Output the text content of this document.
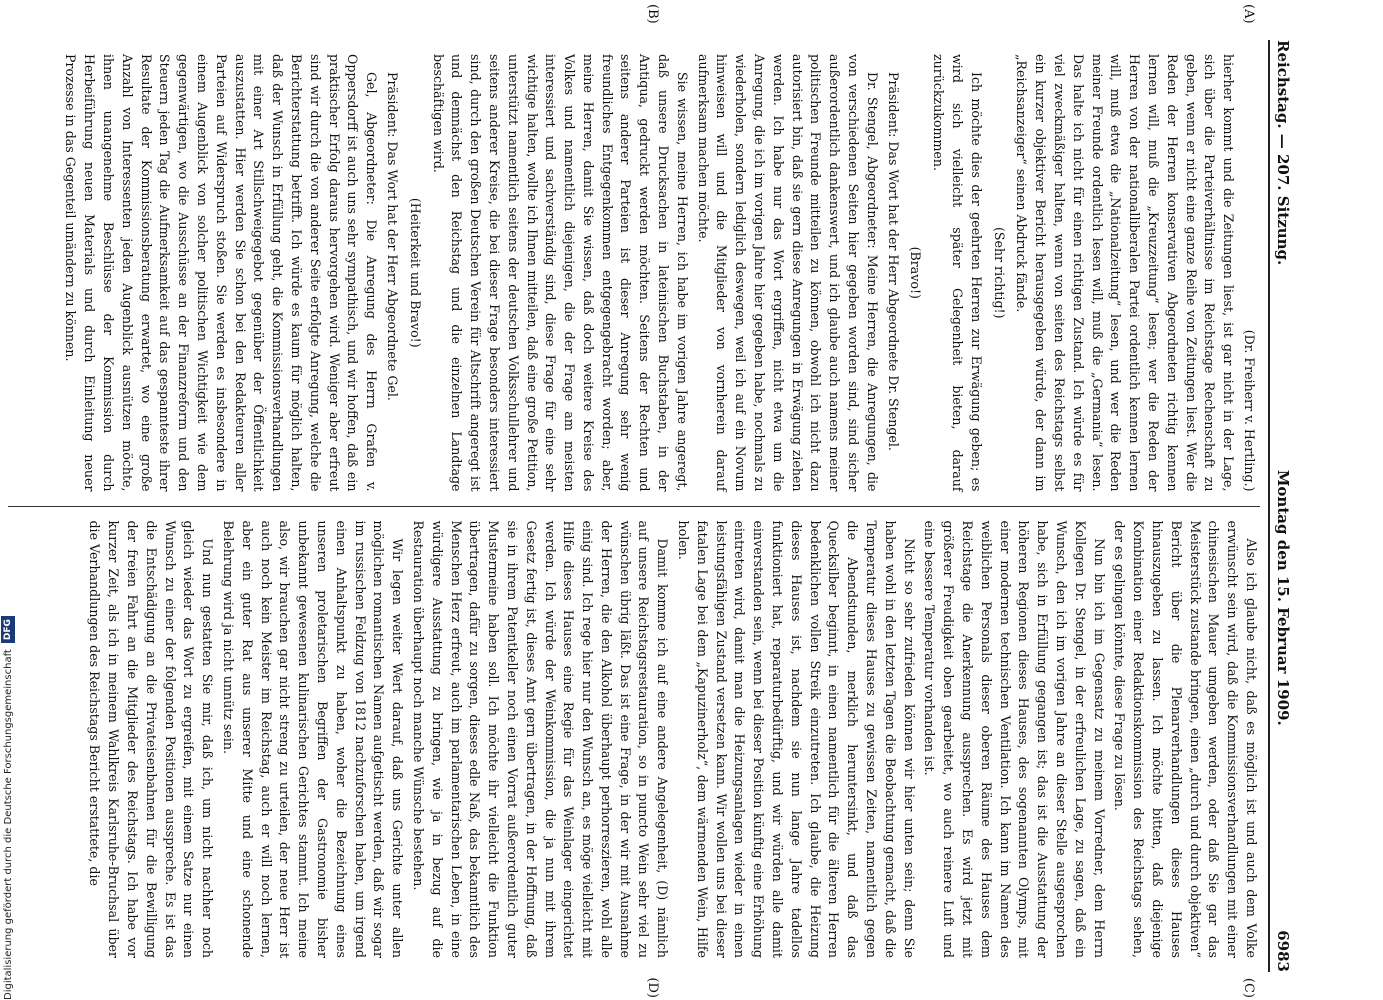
Reichstag. — 207. Sitzung.
Montag den 15. Februar 1909.
6983
(A)
(B)
(C)
(D)

(Dr. Freiherr v. Hertling.)

hierher kommt und die Zeitungen liest, ist gar nicht in der Lage, sich über die Parteiverhältnisse im Reichstage Rechenschaft zu geben, wenn er nicht eine ganze Reihe von Zeitungen liest. Wer die Reden der Herren konservativen Abgeordneten richtig kennen lernen will, muß die „Kreuzzeitung“ lesen; wer die Reden der Herren von der nationalliberalen Partei ordentlich kennen lernen will, muß etwa die „Nationalzeitung“ lesen, und wer die Reden meiner Freunde ordentlich lesen will, muß die „Germania“ lesen. Das halte ich nicht für einen richtigen Zustand. Ich würde es für viel zweckmäßiger halten, wenn von seiten des Reichstags selbst ein kurzer objektiver Bericht herausgegeben würde, der dann im „Reichsanzeiger“ seinen Abdruck fände.

(Sehr richtig!)

Ich möchte dies der geehrten Herren zur Erwägung geben; es wird sich vielleicht später Gelegenheit bieten, darauf zurückzukommen.

(Bravo!)

Präsident: Das Wort hat der Herr Abgeordnete Dr. Stengel.

Dr. Stengel, Abgeordneter: Meine Herren, die Anregungen, die von verschiedenen Seiten hier gegeben worden sind, sind sicher außerordentlich dankenswert, und ich glaube auch namens meiner politischen Freunde mitteilen zu können, obwohl ich nicht dazu autorisiert bin, daß sie gern diese Anregungen in Erwägung ziehen werden. Ich habe nur das Wort ergriffen, nicht etwa um die Anregung, die ich im vorigen Jahre hier gegeben habe, nochmals zu wiederholen, sondern lediglich deswegen, weil ich auf ein Novum hinweisen will und die Mitglieder von vornherein darauf aufmerksam machen möchte.

Sie wissen, meine Herren, ich habe im vorigen Jahre angeregt, daß unsere Drucksachen in lateinischen Buchstaben, in der Antiqua, gedruckt werden möchten. Seitens der Rechten und seitens anderer Parteien ist dieser Anregung sehr wenig freundliches Entgegenkommen entgegengebracht worden; aber, meine Herren, damit Sie wissen, daß doch weitere Kreise des Volkes und namentlich diejenigen, die der Frage am meisten interessiert und sachverständig sind, diese Frage für eine sehr wichtige halten, wollte ich Ihnen mitteilen, daß eine große Petition, unterstützt namentlich seitens der deutschen Volksschullehrer und seitens anderer Kreise, die bei dieser Frage besonders interessiert sind, durch den großen Deutschen Verein für Altschrift angeregt ist und demnächst den Reichstag und die einzelnen Landtage beschäftigen wird.

(Heiterkeit und Bravo!)

Präsident: Das Wort hat der Herr Abgeordnete Gel.

Gel, Abgeordneter: Die Anregung des Herrn Grafen v. Oppersdorff ist auch uns sehr sympathisch, und wir hoffen, daß ein praktischer Erfolg daraus hervorgehen wird. Weniger aber erfreut sind wir durch die von anderer Seite erfolgte Anregung, welche die Berichterstattung betrifft. Ich würde es kaum für möglich halten, daß der Wunsch in Erfüllung geht, die Kommissionsverhandlungen mit einer Art Stillschweigegebot gegenüber der Öffentlichkeit auszustatten. Hier werden Sie schon bei den Redakteuren aller Parteien auf Widerspruch stoßen. Sie werden es insbesondere in einem Augenblick von solcher politischen Wichtigkeit wie dem gegenwärtigen, wo die Ausschüsse an der Finanzreform und den Steuern jeden Tag die Aufmerksamkeit auf das gespannteste ihrer Resultate der Kommissionsberatung erwartet, wo eine große Anzahl von Interessenten jeden Augenblick ausnützen möchte, ihnen unangenehme Beschlüsse der Kommission durch Herbeiführung neuen Materials und durch Einleitung neuer Prozesse in das Gegenteil umändern zu können.

Also ich glaube nicht, daß es möglich ist und auch dem Volke erwünscht sein wird, daß die Kommissionsverhandlungen mit einer chinesischen Mauer umgeben werden, oder daß Sie gar das Meisterstück zustande bringen, einen „durch und durch objektiven“ Bericht über die Plenarverhandlungen dieses Hauses hinauszugeben zu lassen. Ich möchte bitten, daß diejenige Kombination einer Redaktionskommission des Reichstags sehen, der es gelingen könnte, diese Frage zu lösen.

Nun bin ich im Gegensatz zu meinem Vorredner, dem Herrn Kollegen Dr. Stengel, in der erfreulichen Lage, zu sagen, daß ein Wunsch, den ich im vorigen Jahre an dieser Stelle ausgesprochen habe, sich in Erfüllung gegangen ist; das ist die Ausstattung der höheren Regionen dieses Hauses, des sogenannten Olymps, mit einer modernen technischen Ventilation. Ich kann im Namen des weiblichen Personals dieser oberen Räume des Hauses dem Reichstage die Anerkennung aussprechen. Es wird jetzt mit größerer Freudigkeit oben gearbeitet, wo auch reinere Luft und eine bessere Temperatur vorhanden ist.

Nicht so sehr zufrieden können wir hier unten sein; denn Sie haben wohl in den letzten Tagen die Beobachtung gemacht, daß die Temperatur dieses Hauses zu gewissen Zeiten, namentlich gegen die Abendstunden, merklich heruntersinkt, und daß das Quecksilber beginnt, in einen namentlich für die älteren Herren bedenklichen vollen Streik einzutreten. Ich glaube, die Heizung dieses Hauses ist, nachdem sie nun lange Jahre tadellos funktioniert hat, reparaturbedürftig, und wir würden alle damit einverstanden sein, wenn bei dieser Position künftig eine Erhöhung eintreten wird, damit man die Heizungsanlagen wieder in einen leistungsfähigen Zustand versetzen kann. Wir wollen uns bei dieser fatalen Lage bei dem „Kapuzinerholz“, dem wärmenden Wein, Hilfe holen.

Damit komme ich auf eine andere Angelegenheit, (D) nämlich auf unsere Reichstagsrestauration, so in puncto Wein sehr viel zu wünschen übrig läßt. Das ist eine Frage, in der wir mit Ausnahme der Herren, die den Alkohol überhaupt perhorreszieren, wohl alle einig sind. Ich rege hier nur den Wunsch an, es möge vielleicht mit Hilfe dieses Hauses eine Regie für das Weinlager eingerichtet werden. Ich würde der Weinkommission, die ja nun mit ihrem Gesetz fertig ist, dieses Amt gern übertragen, in der Hoffnung, daß sie in ihrem Patentkeller noch einen Vorrat außerordentlich guter Mustermeine haben soll. Ich möchte ihr vielleicht die Funktion übertragen, dafür zu sorgen, dieses edle Naß, das bekanntlich des Menschen Herz erfreut, auch im parlamentarischen Leben, in eine würdigere Ausstattung zu bringen, wie ja in bezug auf die Restauration überhaupt noch manche Wünsche bestehen.

Wir legen weiter Wert darauf, daß uns Gerichte unter allen möglichen romantischen Namen aufgetischt werden, daß wir sogar im russischen Feldzug von 1812 nachzuforschen haben, um irgend einen Anhaltspunkt zu haben, woher die Bezeichnung eines unseren proletarischen Begriffen der Gastronomie bisher unbekannt gewesenen kulinarischen Gerichtes stammt. Ich meine also, wir brauchen gar nicht streng zu urteilen, der neue Herr ist auch noch kein Meister im Reichstag, auch er will noch lernen, aber ein guter Rat aus unserer Mitte und eine schonende Belehrung wird ja nicht unnütz sein.

Und nun gestatten Sie mir, daß ich, um nicht nachher noch gleich wieder das Wort zu ergreifen, mit einem Satze nur einen Wunsch zu einer der folgenden Positionen ausspreche. Es ist das die Entschädigung an die Privateisenbahnen für die Bewilligung der freien Fahrt an die Mitglieder des Reichstags. Ich habe vor kurzer Zeit, als ich in meinem Wahlkreis Karlsruhe-Bruchsal über die Verhandlungen des Reichstags Bericht erstattete, die

Digitalisierung gefördert durch die Deutsche Forschungsgemeinschaft
DFG
